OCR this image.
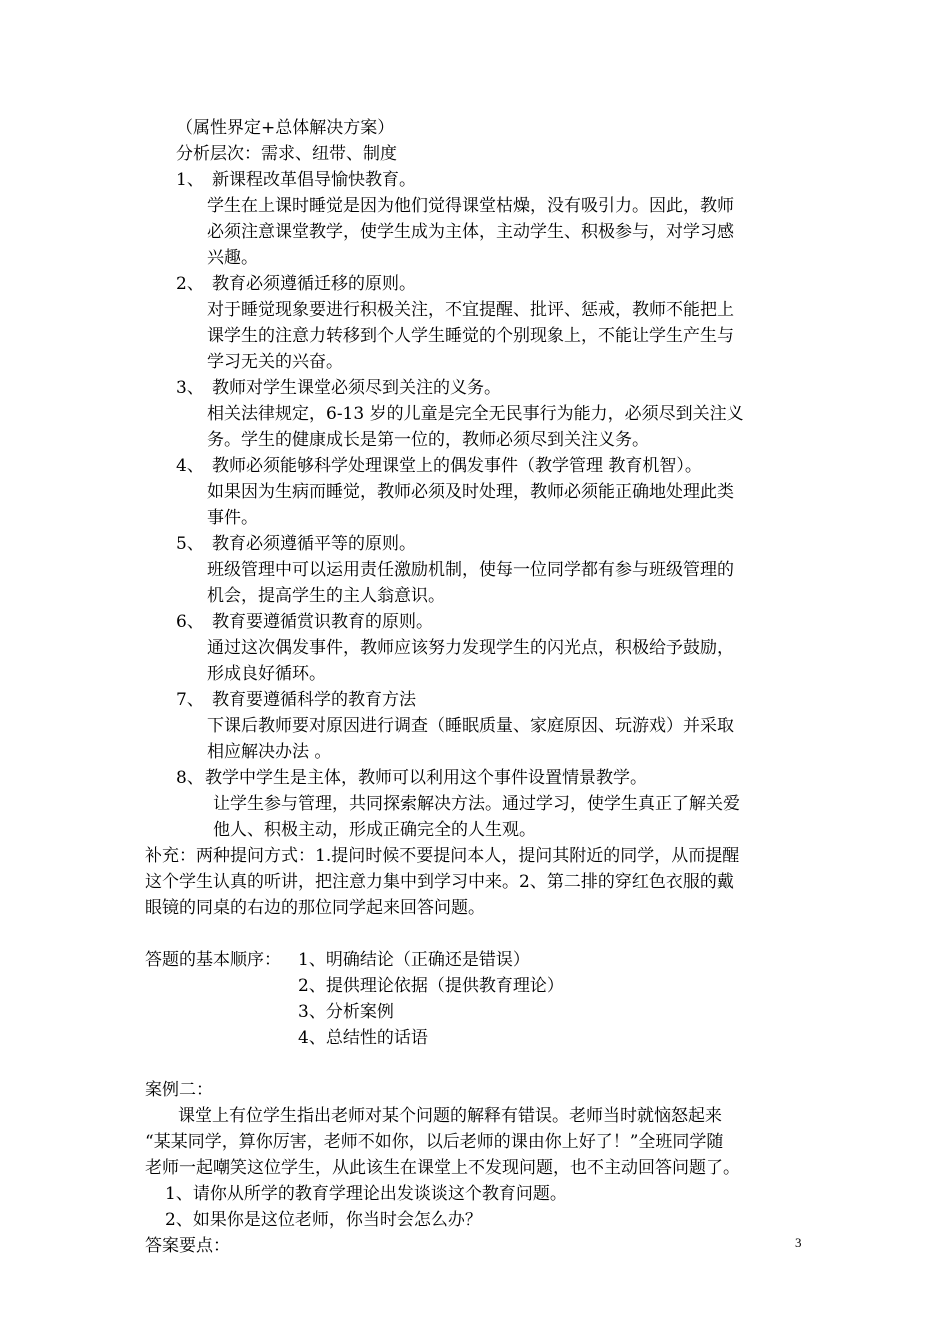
（属性界定+总体解决方案）
分析层次：需求、纽带、制度
1、 新课程改革倡导愉快教育。
学生在上课时睡觉是因为他们觉得课堂枯燥，没有吸引力。因此，教师
必须注意课堂教学，使学生成为主体，主动学生、积极参与，对学习感
兴趣。
2、 教育必须遵循迁移的原则。
对于睡觉现象要进行积极关注，不宜提醒、批评、惩戒，教师不能把上
课学生的注意力转移到个人学生睡觉的个别现象上，不能让学生产生与
学习无关的兴奋。
3、 教师对学生课堂必须尽到关注的义务。
相关法律规定，6-13 岁的儿童是完全无民事行为能力，必须尽到关注义
务。学生的健康成长是第一位的，教师必须尽到关注义务。
4、 教师必须能够科学处理课堂上的偶发事件（教学管理 教育机智）。
如果因为生病而睡觉，教师必须及时处理，教师必须能正确地处理此类
事件。
5、 教育必须遵循平等的原则。
班级管理中可以运用责任激励机制，使每一位同学都有参与班级管理的
机会，提高学生的主人翁意识。
6、 教育要遵循赏识教育的原则。
通过这次偶发事件，教师应该努力发现学生的闪光点，积极给予鼓励，
形成良好循环。
7、 教育要遵循科学的教育方法
下课后教师要对原因进行调查（睡眠质量、家庭原因、玩游戏）并采取
相应解决办法 。
8、 教学中学生是主体，教师可以利用这个事件设置情景教学。
让学生参与管理，共同探索解决方法。通过学习，使学生真正了解关爱
他人、积极主动，形成正确完全的人生观。
补充：两种提问方式：1.提问时候不要提问本人，提问其附近的同学，从而提醒
这个学生认真的听讲，把注意力集中到学习中来。2、第二排的穿红色衣服的戴
眼镜的同桌的右边的那位同学起来回答问题。
答题的基本顺序： 1、明确结论（正确还是错误）
2、提供理论依据（提供教育理论）
3、分析案例
4、总结性的话语
案例二：
课堂上有位学生指出老师对某个问题的解释有错误。老师当时就恼怒起来
“某某同学，算你厉害，老师不如你，以后老师的课由你上好了！”全班同学随
老师一起嘲笑这位学生，从此该生在课堂上不发现问题，也不主动回答问题了。
1、请你从所学的教育学理论出发谈谈这个教育问题。
2、如果你是这位老师，你当时会怎么办？
答案要点：	3
